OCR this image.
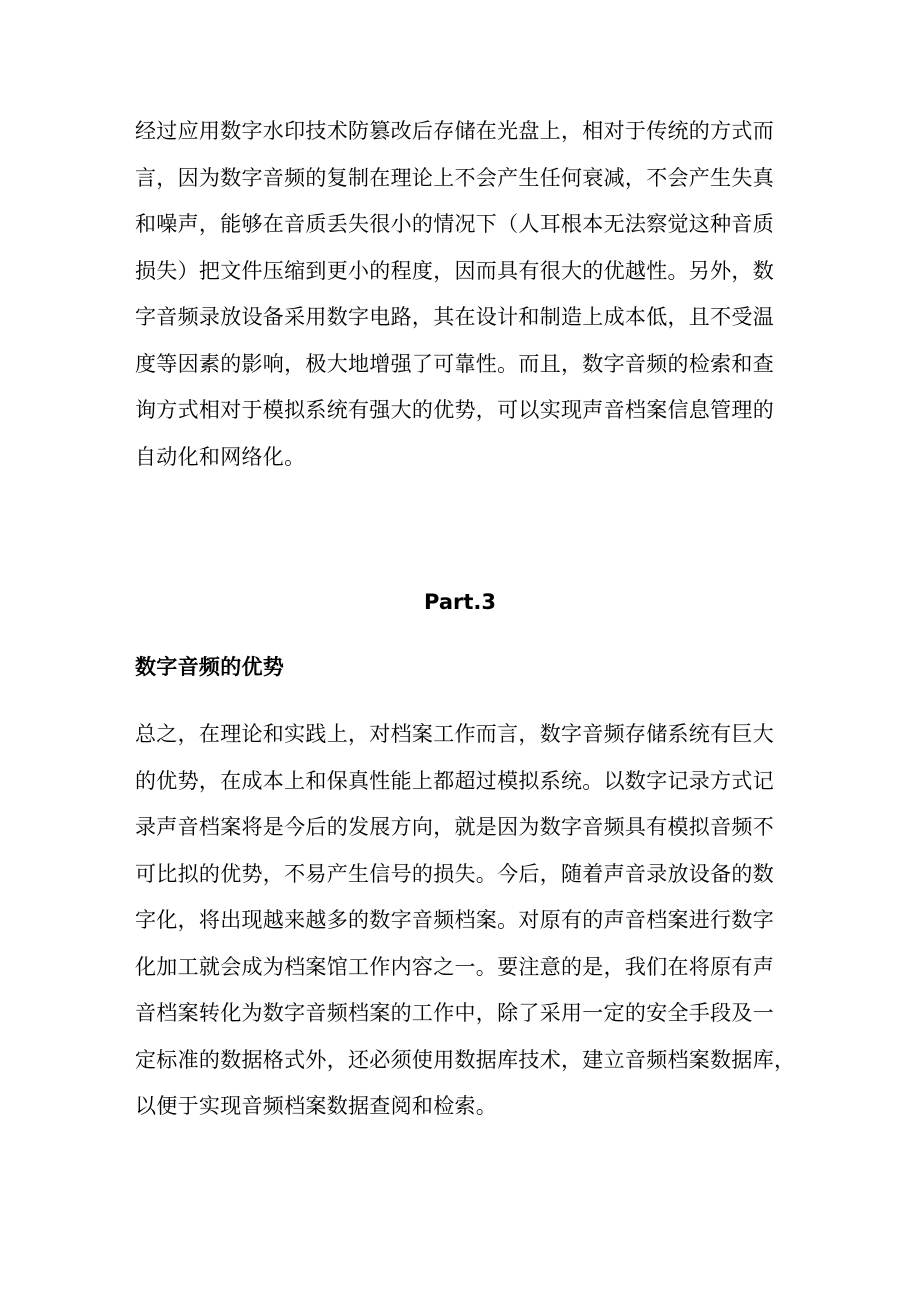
经过应用数字水印技术防篡改后存储在光盘上，相对于传统的方式而
言，因为数字音频的复制在理论上不会产生任何衰减，不会产生失真
和噪声，能够在音质丢失很小的情况下（人耳根本无法察觉这种音质
损失）把文件压缩到更小的程度，因而具有很大的优越性。另外，数
字音频录放设备采用数字电路，其在设计和制造上成本低，且不受温
度等因素的影响，极大地增强了可靠性。而且，数字音频的检索和查
询方式相对于模拟系统有强大的优势，可以实现声音档案信息管理的
自动化和网络化。

Part.3
数字音频的优势

总之，在理论和实践上，对档案工作而言，数字音频存储系统有巨大
的优势，在成本上和保真性能上都超过模拟系统。以数字记录方式记
录声音档案将是今后的发展方向，就是因为数字音频具有模拟音频不
可比拟的优势，不易产生信号的损失。今后，随着声音录放设备的数
字化，将出现越来越多的数字音频档案。对原有的声音档案进行数字
化加工就会成为档案馆工作内容之一。要注意的是，我们在将原有声
音档案转化为数字音频档案的工作中，除了采用一定的安全手段及一
定标准的数据格式外，还必须使用数据库技术，建立音频档案数据库，
以便于实现音频档案数据查阅和检索。
